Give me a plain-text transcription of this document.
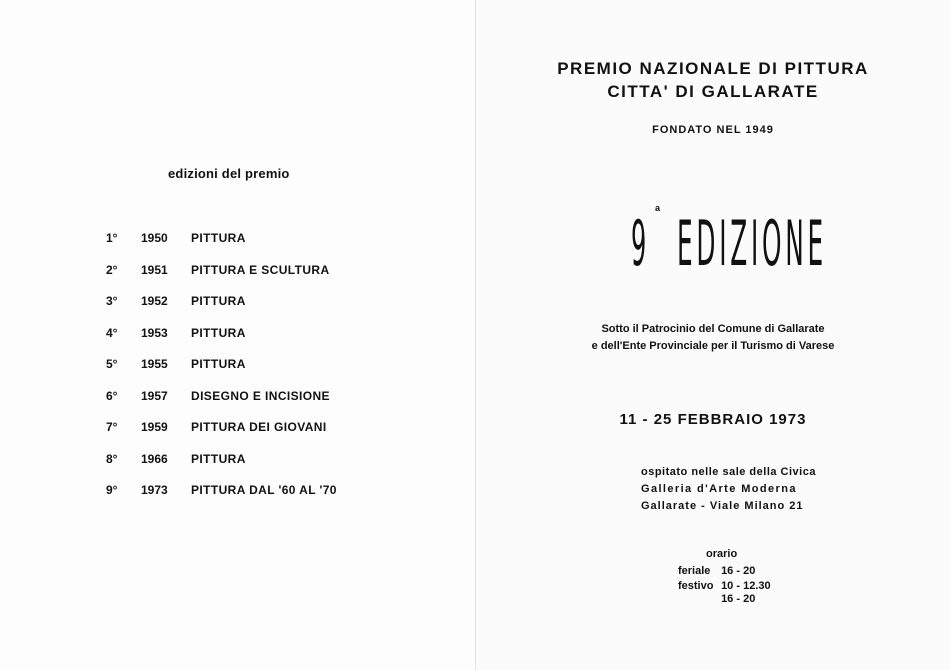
edizioni del premio
1° 1950 PITTURA
2° 1951 PITTURA E SCULTURA
3° 1952 PITTURA
4° 1953 PITTURA
5° 1955 PITTURA
6° 1957 DISEGNO E INCISIONE
7° 1959 PITTURA DEI GIOVANI
8° 1966 PITTURA
9° 1973 PITTURA DAL '60 AL '70
PREMIO NAZIONALE DI PITTURA
CITTA' DI GALLARATE
FONDATO NEL 1949
9
a
EDIZIONE
Sotto il Patrocinio del Comune di Gallarate
e dell'Ente Provinciale per il Turismo di Varese
11 - 25 FEBBRAIO 1973
ospitato nelle sale della Civica
Galleria d'Arte Moderna
Gallarate - Viale Milano 21
orario
feriale 16 - 20
festivo 10 - 12.30
16 - 20
